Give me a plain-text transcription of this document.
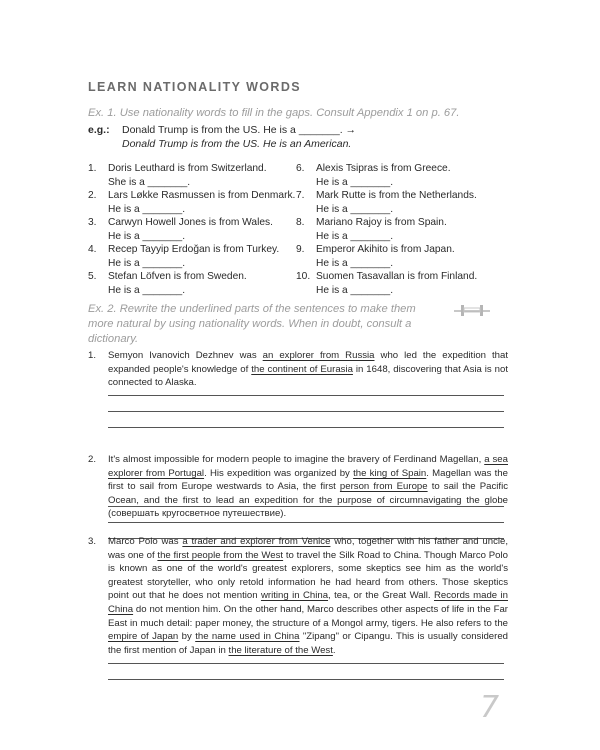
LEARN NATIONALITY WORDS
Ex. 1. Use nationality words to fill in the gaps. Consult Appendix 1 on p. 67.
e.g.: Donald Trump is from the US. He is a _______. →
Donald Trump is from the US. He is an American.
1. Doris Leuthard is from Switzerland.
She is a _______.
2. Lars Løkke Rasmussen is from Denmark.
He is a _______.
3. Carwyn Howell Jones is from Wales.
He is a _______.
4. Recep Tayyip Erdoğan is from Turkey.
He is a _______.
5. Stefan Löfven is from Sweden.
He is a _______.
6. Alexis Tsipras is from Greece.
He is a _______.
7. Mark Rutte is from the Netherlands.
He is a _______.
8. Mariano Rajoy is from Spain.
He is a _______.
9. Emperor Akihito is from Japan.
He is a _______.
10. Suomen Tasavallan is from Finland.
He is a _______.
Ex. 2. Rewrite the underlined parts of the sentences to make them more natural by using nationality words. When in doubt, consult a dictionary.
1.	Semyon Ivanovich Dezhnev was an explorer from Russia who led the expedition that expanded people's knowledge of the continent of Eurasia in 1648, discovering that Asia is not connected to Alaska.
2.	It's almost impossible for modern people to imagine the bravery of Ferdinand Magellan, a sea explorer from Portugal. His expedition was organized by the king of Spain. Magellan was the first to sail from Europe westwards to Asia, the first person from Europe to sail the Pacific Ocean, and the first to lead an expedition for the purpose of circumnavigating the globe (совершать кругосветное путешествие).
3.	Marco Polo was a trader and explorer from Venice who, together with his father and uncle, was one of the first people from the West to travel the Silk Road to China. Though Marco Polo is known as one of the world's greatest explorers, some skeptics see him as the world's greatest storyteller, who only retold information he had heard from others. Those skeptics point out that he does not mention writing in China, tea, or the Great Wall. Records made in China do not mention him. On the other hand, Marco describes other aspects of life in the Far East in much detail: paper money, the structure of a Mongol army, tigers. He also refers to the empire of Japan by the name used in China "Zipang" or Cipangu. This is usually considered the first mention of Japan in the literature of the West.
7
